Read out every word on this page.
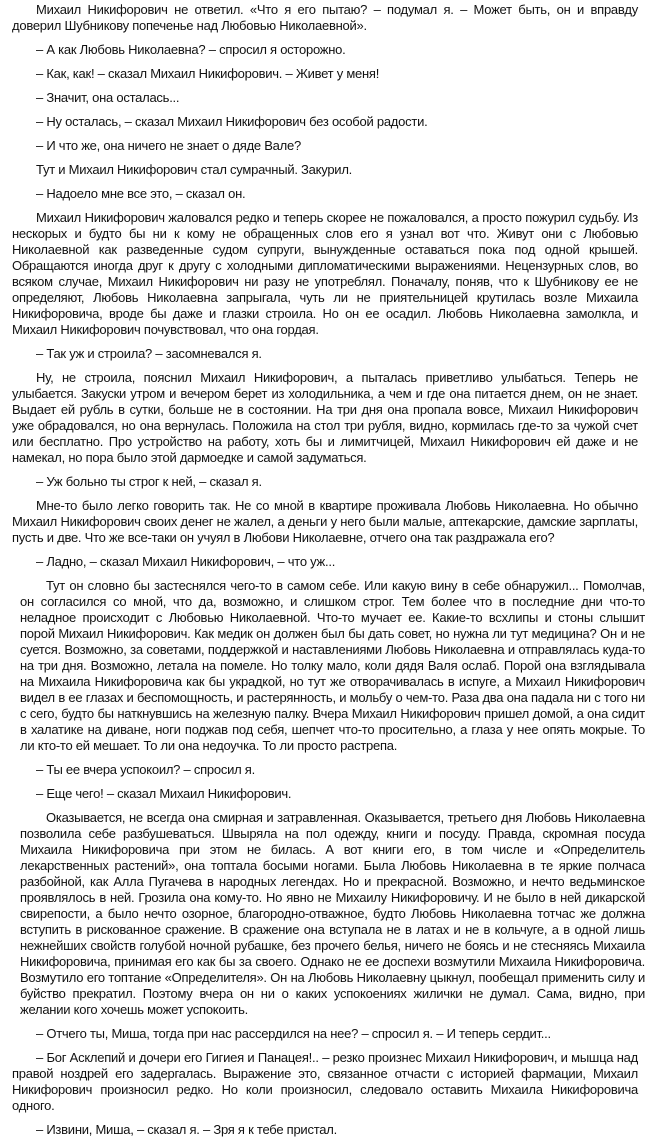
Михаил Никифорович не ответил. «Что я его пытаю? – подумал я. – Может быть, он и вправду доверил Шубникову попеченье над Любовью Николаевной».

– А как Любовь Николаевна? – спросил я осторожно.

– Как, как! – сказал Михаил Никифорович. – Живет у меня!

– Значит, она осталась...

– Ну осталась, – сказал Михаил Никифорович без особой радости.

– И что же, она ничего не знает о дяде Вале?

Тут и Михаил Никифорович стал сумрачный. Закурил.

– Надоело мне все это, – сказал он.

Михаил Никифорович жаловался редко и теперь скорее не пожаловался, а просто пожурил судьбу. Из нескорых и будто бы ни к кому не обращенных слов его я узнал вот что. Живут они с Любовью Николаевной как разведенные судом супруги, вынужденные оставаться пока под одной крышей. Обращаются иногда друг к другу с холодными дипломатическими выражениями. Нецензурных слов, во всяком случае, Михаил Никифорович ни разу не употреблял. Поначалу, поняв, что к Шубникову ее не определяют, Любовь Николаевна запрыгала, чуть ли не приятельницей крутилась возле Михаила Никифоровича, вроде бы даже и глазки строила. Но он ее осадил. Любовь Николаевна замолкла, и Михаил Никифорович почувствовал, что она гордая.

– Так уж и строила? – засомневался я.

Ну, не строила, пояснил Михаил Никифорович, а пыталась приветливо улыбаться. Теперь не улыбается. Закуски утром и вечером берет из холодильника, а чем и где она питается днем, он не знает. Выдает ей рубль в сутки, больше не в состоянии. На три дня она пропала вовсе, Михаил Никифорович уже обрадовался, но она вернулась. Положила на стол три рубля, видно, кормилась где-то за чужой счет или бесплатно. Про устройство на работу, хоть бы и лимитчицей, Михаил Никифорович ей даже и не намекал, но пора было этой дармоедке и самой задуматься.

– Уж больно ты строг к ней, – сказал я.

Мне-то было легко говорить так. Не со мной в квартире проживала Любовь Николаевна. Но обычно Михаил Никифорович своих денег не жалел, а деньги у него были малые, аптекарские, дамские зарплаты, пусть и две. Что же все-таки он учуял в Любови Николаевне, отчего она так раздражала его?

– Ладно, – сказал Михаил Никифорович, – что уж...

Тут он словно бы застеснялся чего-то в самом себе. Или какую вину в себе обнаружил... Помолчав, он согласился со мной, что да, возможно, и слишком строг. Тем более что в последние дни что-то неладное происходит с Любовью Николаевной. Что-то мучает ее. Какие-то всхлипы и стоны слышит порой Михаил Никифорович. Как медик он должен был бы дать совет, но нужна ли тут медицина? Он и не суется. Возможно, за советами, поддержкой и наставлениями Любовь Николаевна и отправлялась куда-то на три дня. Возможно, летала на помеле. Но толку мало, коли дядя Валя ослаб. Порой она взглядывала на Михаила Никифоровича как бы украдкой, но тут же отворачивалась в испуге, а Михаил Никифорович видел в ее глазах и беспомощность, и растерянность, и мольбу о чем-то. Раза два она падала ни с того ни с сего, будто бы наткнувшись на железную палку. Вчера Михаил Никифорович пришел домой, а она сидит в халатике на диване, ноги поджав под себя, шепчет что-то просительно, а глаза у нее опять мокрые. То ли кто-то ей мешает. То ли она недоучка. То ли просто растрепа.

– Ты ее вчера успокоил? – спросил я.

– Еще чего! – сказал Михаил Никифорович.

Оказывается, не всегда она смирная и затравленная. Оказывается, третьего дня Любовь Николаевна позволила себе разбушеваться. Швыряла на пол одежду, книги и посуду. Правда, скромная посуда Михаила Никифоровича при этом не билась. А вот книги его, в том числе и «Определитель лекарственных растений», она топтала босыми ногами. Была Любовь Николаевна в те яркие полчаса разбойной, как Алла Пугачева в народных легендах. Но и прекрасной. Возможно, и нечто ведьминское проявлялось в ней. Грозила она кому-то. Но явно не Михаилу Никифоровичу. И не было в ней дикарской свирепости, а было нечто озорное, благородно-отважное, будто Любовь Николаевна тотчас же должна вступить в рискованное сражение. В сражение она вступала не в латах и не в кольчуге, а в одной лишь нежнейших свойств голубой ночной рубашке, без прочего белья, ничего не боясь и не стесняясь Михаила Никифоровича, принимая его как бы за своего. Однако не ее доспехи возмутили Михаила Никифоровича. Возмутило его топтание «Определителя». Он на Любовь Николаевну цыкнул, пообещал применить силу и буйство прекратил. Поэтому вчера он ни о каких успокоениях жилички не думал. Сама, видно, при желании кого хочешь может успокоить.

– Отчего ты, Миша, тогда при нас рассердился на нее? – спросил я. – И теперь сердит...

– Бог Асклепий и дочери его Гигиея и Панацея!.. – резко произнес Михаил Никифорович, и мышца над правой ноздрей его задергалась. Выражение это, связанное отчасти с историей фармации, Михаил Никифорович произносил редко. Но коли произносил, следовало оставить Михаила Никифоровича одного.

– Извини, Миша, – сказал я. – Зря я к тебе пристал.
